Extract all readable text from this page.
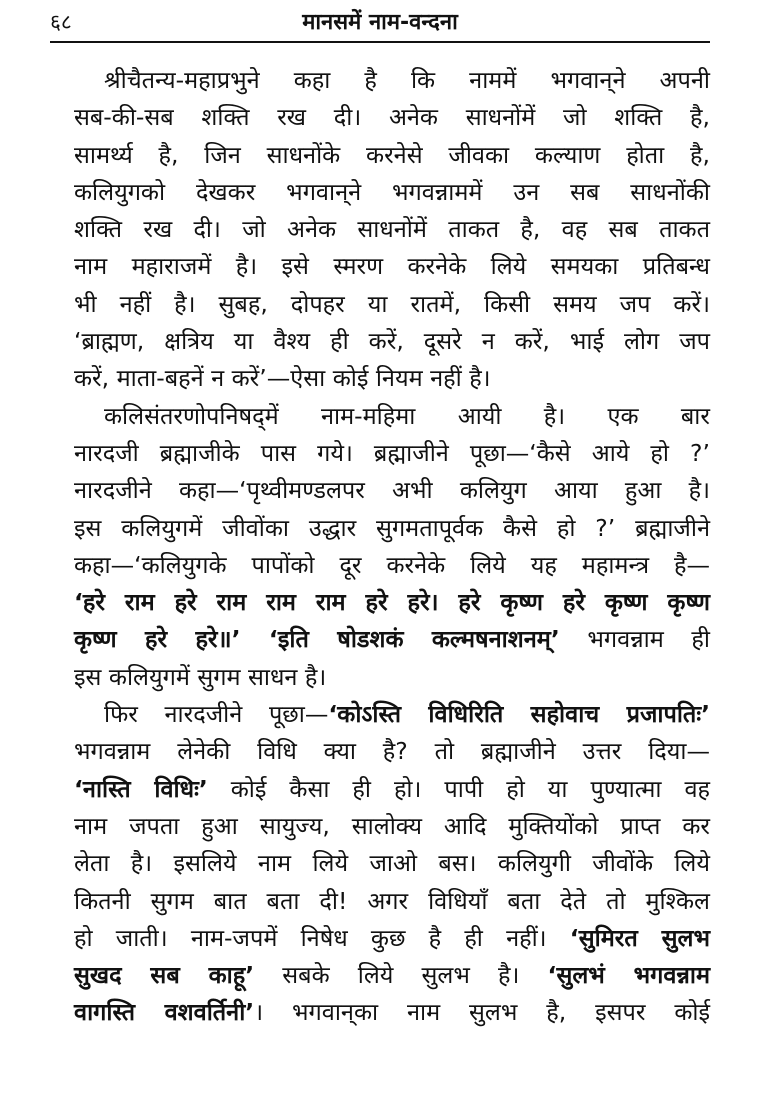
६८	मानसमें नाम-वन्दना
श्रीचैतन्य-महाप्रभुने कहा है कि नाममें भगवान्‌ने अपनी
सब-की-सब शक्ति रख दी। अनेक साधनोंमें जो शक्ति है,
सामर्थ्य है, जिन साधनोंके करनेसे जीवका कल्याण होता है,
कलियुगको देखकर भगवान्‌ने भगवन्नाममें उन सब साधनोंकी
शक्ति रख दी। जो अनेक साधनोंमें ताकत है, वह सब ताकत
नाम महाराजमें है। इसे स्मरण करनेके लिये समयका प्रतिबन्ध
भी नहीं है। सुबह, दोपहर या रातमें, किसी समय जप करें।
‘ब्राह्मण, क्षत्रिय या वैश्य ही करें, दूसरे न करें, भाई लोग जप
करें, माता-बहनें न करें’—ऐसा कोई नियम नहीं है।
कलिसंतरणोपनिषद्‌में नाम-महिमा आयी है। एक बार
नारदजी ब्रह्माजीके पास गये। ब्रह्माजीने पूछा—‘कैसे आये हो ?’
नारदजीने कहा—‘पृथ्वीमण्डलपर अभी कलियुग आया हुआ है।
इस कलियुगमें जीवोंका उद्धार सुगमतापूर्वक कैसे हो ?’ ब्रह्माजीने
कहा—‘कलियुगके पापोंको दूर करनेके लिये यह महामन्त्र है—
‘हरे राम हरे राम राम राम हरे हरे। हरे कृष्ण हरे कृष्ण कृष्ण
कृष्ण हरे हरे॥’ ‘इति षोडशकं कल्मषनाशनम्’ भगवन्नाम ही
इस कलियुगमें सुगम साधन है।
फिर नारदजीने पूछा—‘कोऽस्ति विधिरिति सहोवाच प्रजापतिः’
भगवन्नाम लेनेकी विधि क्या है? तो ब्रह्माजीने उत्तर दिया—
‘नास्ति विधिः’ कोई कैसा ही हो। पापी हो या पुण्यात्मा वह
नाम जपता हुआ सायुज्य, सालोक्य आदि मुक्तियोंको प्राप्त कर
लेता है। इसलिये नाम लिये जाओ बस। कलियुगी जीवोंके लिये
कितनी सुगम बात बता दी! अगर विधियाँ बता देते तो मुश्किल
हो जाती। नाम-जपमें निषेध कुछ है ही नहीं। ‘सुमिरत सुलभ
सुखद सब काहू’ सबके लिये सुलभ है। ‘सुलभं भगवन्नाम
वागस्ति वशवर्तिनी’। भगवान्‌का नाम सुलभ है, इसपर कोई
